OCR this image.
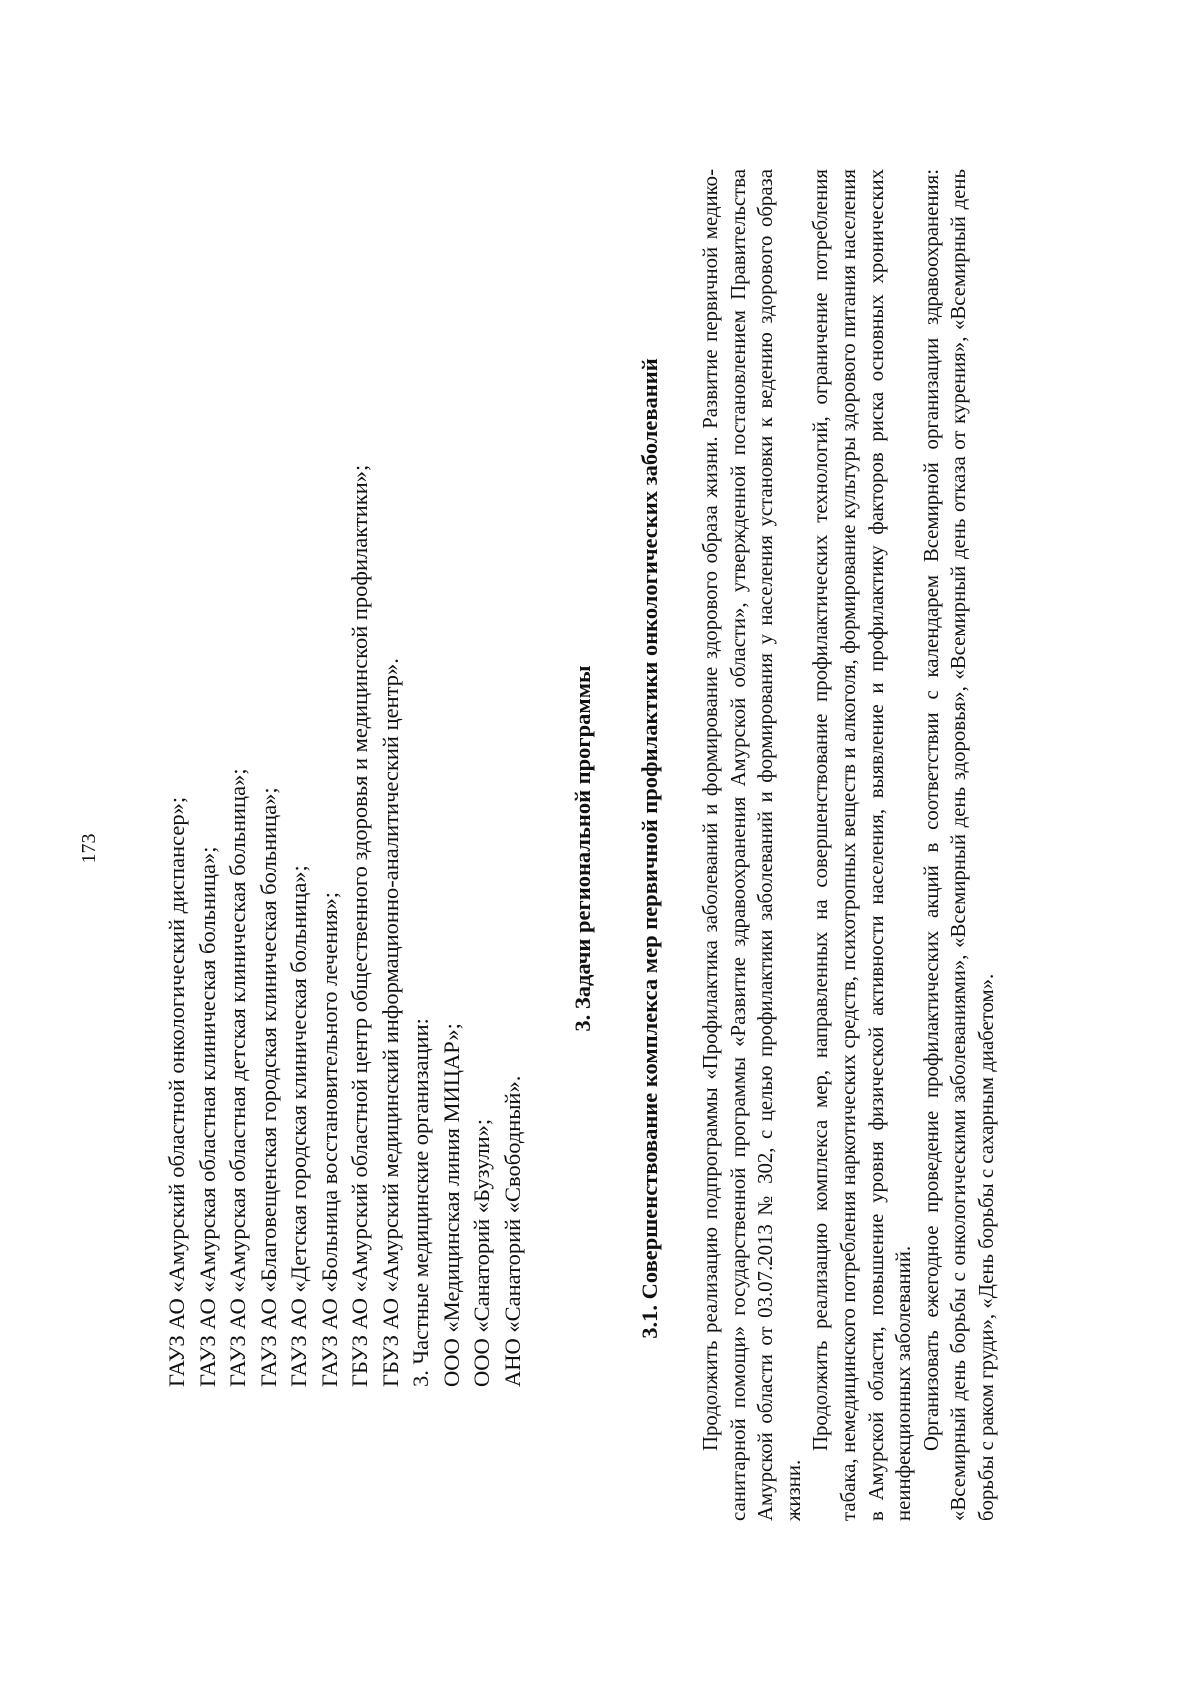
173	ГАУЗ АО «Амурский областной онкологический диспансер»; ГАУЗ АО «Амурская областная клиническая больница»; ГАУЗ АО «Амурская областная детская клиническая больница»; ГАУЗ АО «Благовещенская городская клиническая больница»; ГАУЗ АО «Детская городская клиническая больница»; ГАУЗ АО «Больница восстановительного лечения»; ГБУЗ АО «Амурский областной центр общественного здоровья и медицинской профилактики»; ГБУЗ АО «Амурский медицинский информационно-аналитический центр». 3. Частные медицинские организации: ООО «Медицинская линия МИЦАР»; ООО «Санаторий «Бузули»; АНО «Санаторий «Свободный».
3. Задачи региональной программы 3.1. Совершенствование комплекса мер первичной профилактики онкологических заболеваний Продолжить реализацию подпрограммы «Профилактика заболеваний и формирование здорового образа жизни. Развитие первичной медико-санитарной помощи» государственной программы «Развитие здравоохранения Амурской области», утвержденной постановлением Правительства Амурской области от 03.07.2013 № 302, с целью профилактики заболеваний и формирования у населения установки к ведению здорового образа жизни.

Продолжить реализацию комплекса мер, направленных на совершенствование профилактических технологий, ограничение потребления табака, немедицинского потребления наркотических средств, психотропных веществ и алкоголя, формирование культуры здорового питания населения в Амурской области, повышение уровня физической активности населения, выявление и профилактику факторов риска основных хронических неинфекционных заболеваний. Организовать ежегодное проведение профилактических акций в соответствии с календарем Всемирной организации здравоохранения: «Всемирный день борьбы с онкологическими заболеваниями», «Всемирный день здоровья», «Всемирный день отказа от курения», «Всемирный день борьбы с раком груди», «День борьбы с сахарным диабетом».
